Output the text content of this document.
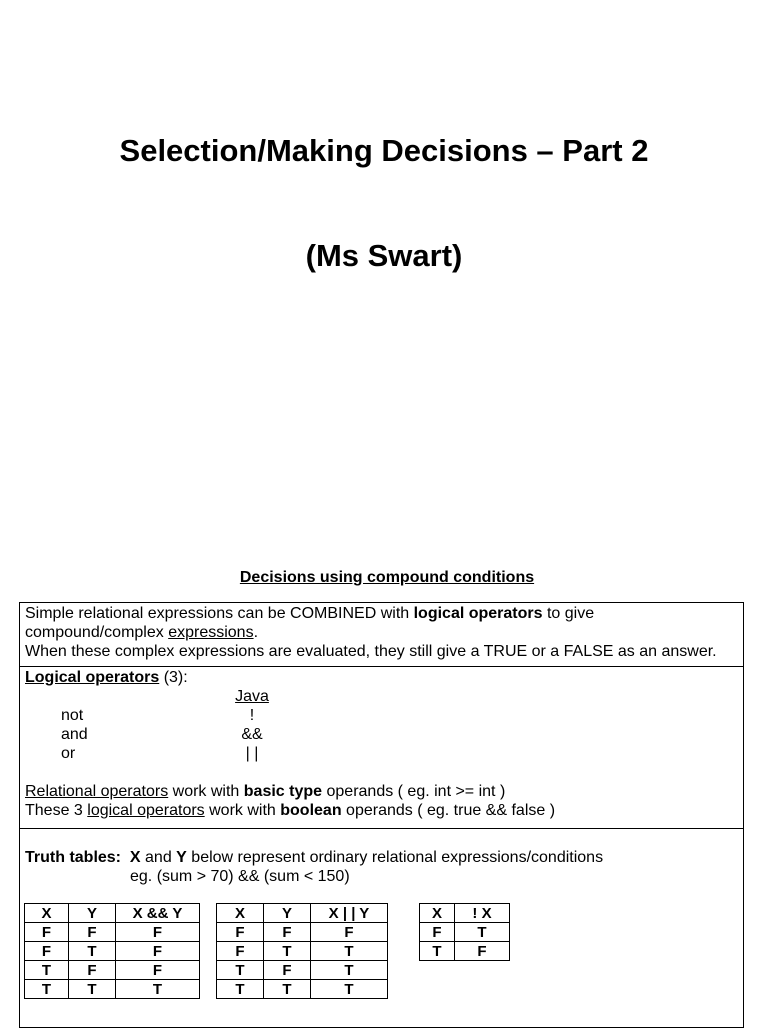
Selection/Making Decisions – Part 2
(Ms Swart)
Decisions using compound conditions

Simple relational expressions can be COMBINED with logical operators to give

compound/complex expressions.

When these complex expressions are evaluated, they still give a TRUE or a FALSE as an answer.

Logical operators (3):

Java
not	!
and	&&
or	| |

Relational operators work with basic type operands ( eg. int >= int )

These 3 logical operators work with boolean operands ( eg. true && false )

Truth tables: X and Y below represent ordinary relational expressions/conditions

eg. (sum > 70) && (sum < 150)

X	Y	X && Y
F	F	F
F	T	F
T	F	F
T	T	T
X	Y	X | | Y
F	F	F
F	T	T
T	F	T
T	T	T
X	! X
F	T
T	F
